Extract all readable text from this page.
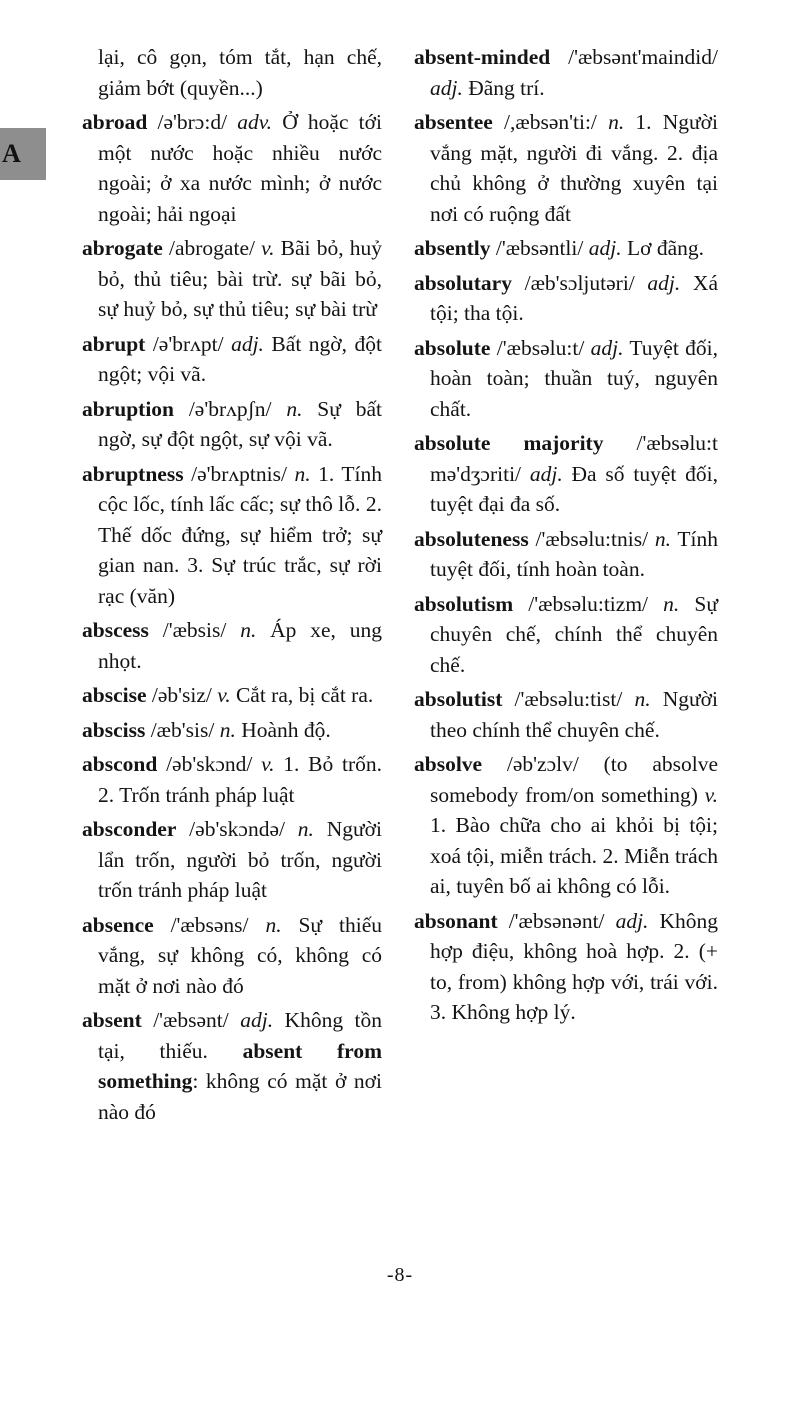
A

lại, cô gọn, tóm tắt, hạn chế, giảm bớt (quyền...)

abroad /ə'brɔ:d/ adv. Ở hoặc tới một nước hoặc nhiều nước ngoài; ở xa nước mình; ở nước ngoài; hải ngoại

abrogate /abrogate/ v. Bãi bỏ, huỷ bỏ, thủ tiêu; bài trừ. sự bãi bỏ, sự huỷ bỏ, sự thủ tiêu; sự bài trừ

abrupt /ə'brʌpt/ adj. Bất ngờ, đột ngột; vội vã.

abruption /ə'brʌpʃn/ n. Sự bất ngờ, sự đột ngột, sự vội vã.

abruptness /ə'brʌptnis/ n. 1. Tính cộc lốc, tính lấc cấc; sự thô lỗ. 2. Thế dốc đứng, sự hiểm trở; sự gian nan. 3. Sự trúc trắc, sự rời rạc (văn)

abscess /'æbsis/ n. Áp xe, ung nhọt.

abscise /əb'siz/ v. Cắt ra, bị cắt ra.

absciss /æb'sis/ n. Hoành độ.

abscond /əb'skɔnd/ v. 1. Bỏ trốn. 2. Trốn tránh pháp luật

absconder /əb'skɔndə/ n. Người lẩn trốn, người bỏ trốn, người trốn tránh pháp luật

absence /'æbsəns/ n. Sự thiếu vắng, sự không có, không có mặt ở nơi nào đó

absent /'æbsənt/ adj. Không tồn tại, thiếu. absent from something: không có mặt ở nơi nào đó

absent-minded /'æbsənt'maindid/ adj. Đãng trí.

absentee /,æbsən'ti:/ n. 1. Người vắng mặt, người đi vắng. 2. địa chủ không ở thường xuyên tại nơi có ruộng đất

absently /'æbsəntli/ adj. Lơ đãng.

absolutary /æb'sɔljutəri/ adj. Xá tội; tha tội.

absolute /'æbsəlu:t/ adj. Tuyệt đối, hoàn toàn; thuần tuý, nguyên chất.

absolute majority /'æbsəlu:t mə'dʒɔriti/ adj. Đa số tuyệt đối, tuyệt đại đa số.

absoluteness /'æbsəlu:tnis/ n. Tính tuyệt đối, tính hoàn toàn.

absolutism /'æbsəlu:tizm/ n. Sự chuyên chế, chính thể chuyên chế.

absolutist /'æbsəlu:tist/ n. Người theo chính thể chuyên chế.

absolve /əb'zɔlv/ (to absolve somebody from/on something) v. 1. Bào chữa cho ai khỏi bị tội; xoá tội, miễn trách. 2. Miễn trách ai, tuyên bố ai không có lỗi.

absonant /'æbsənənt/ adj. Không hợp điệu, không hoà hợp. 2. (+ to, from) không hợp với, trái với. 3. Không hợp lý.

-8-
